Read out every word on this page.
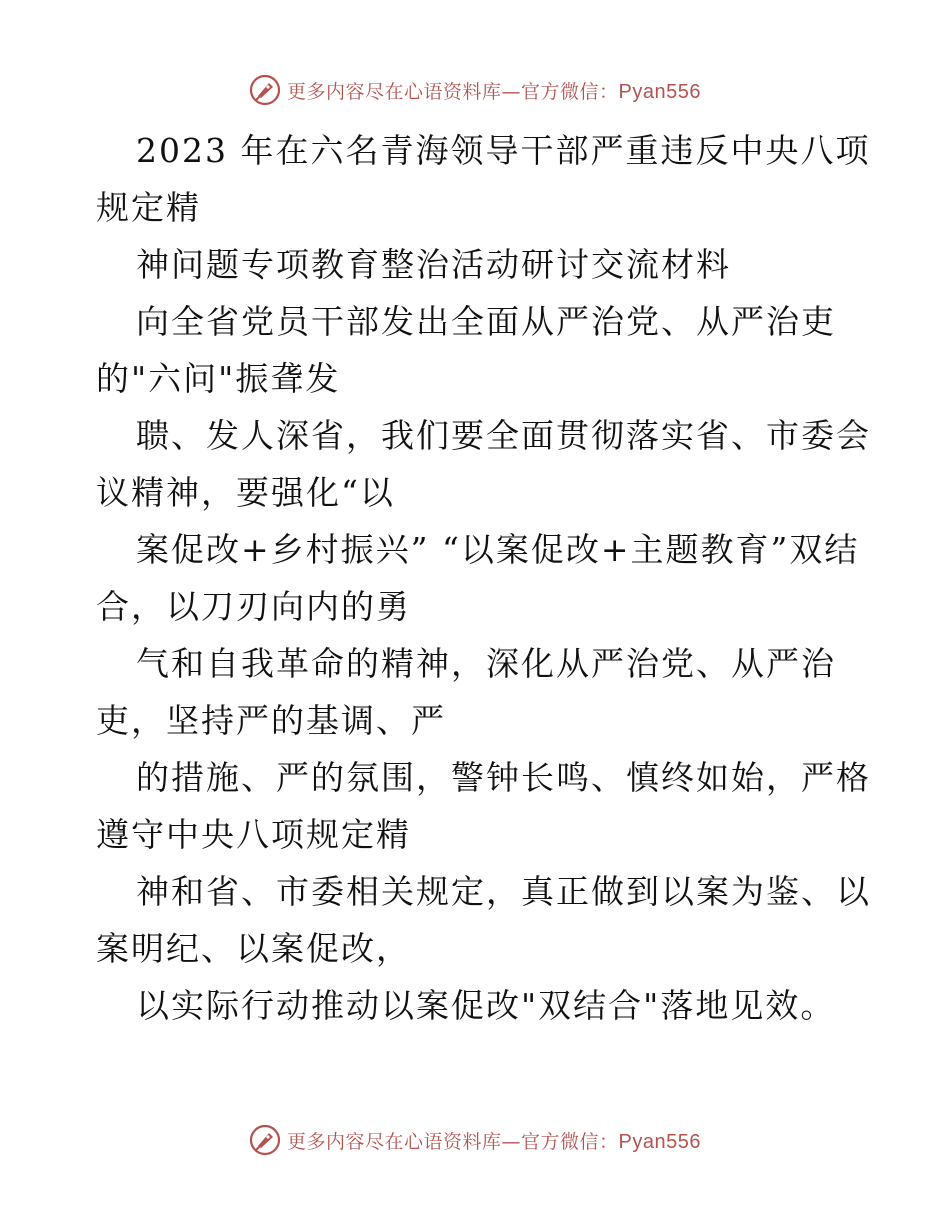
更多内容尽在心语资料库—官方微信：Pyan556
2023 年在六名青海领导干部严重违反中央八项
规定精
神问题专项教育整治活动研讨交流材料
向全省党员干部发出全面从严治党、从严治吏
的"六问"振聋发
聩、发人深省，我们要全面贯彻落实省、市委会
议精神，要强化“以
案促改+乡村振兴” “以案促改+主题教育”双结
合，以刀刃向内的勇
气和自我革命的精神，深化从严治党、从严治
吏，坚持严的基调、严
的措施、严的氛围，警钟长鸣、慎终如始，严格
遵守中央八项规定精
神和省、市委相关规定，真正做到以案为鉴、以
案明纪、以案促改，
以实际行动推动以案促改"双结合"落地见效。
更多内容尽在心语资料库—官方微信：Pyan556
